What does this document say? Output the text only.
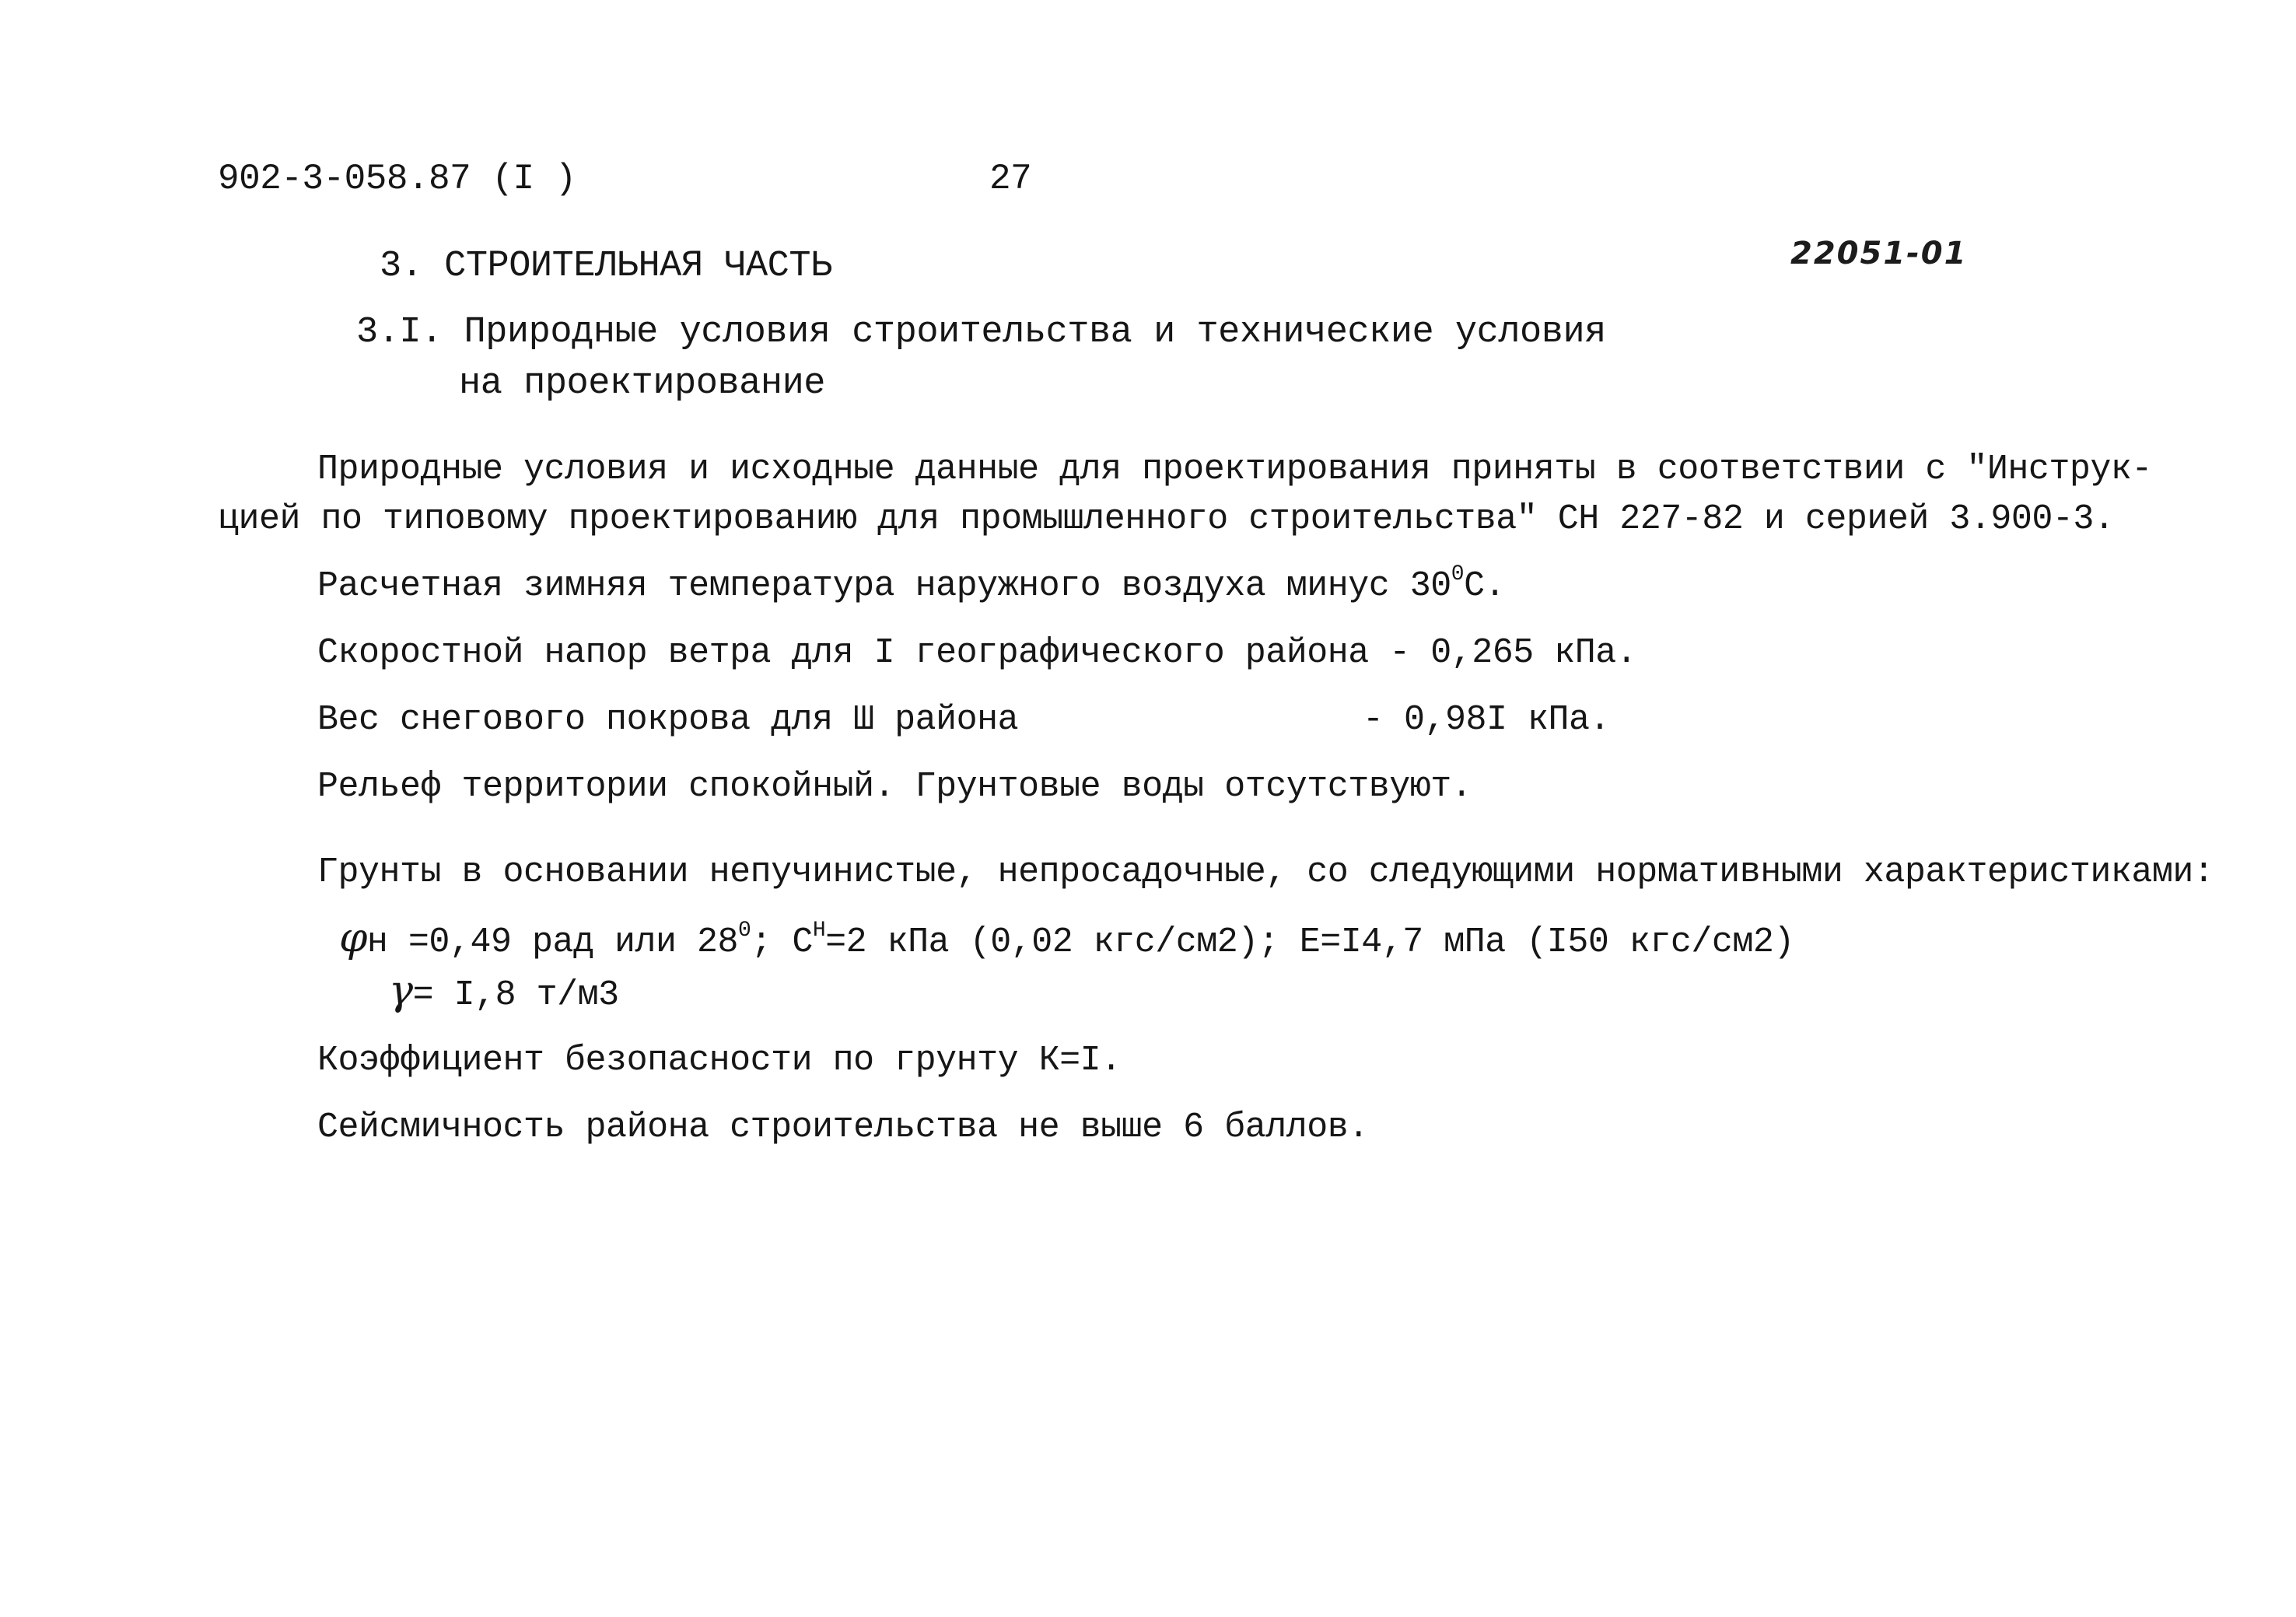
902-3-058.87 (I )	27
22051-01
3. СТРОИТЕЛЬНАЯ ЧАСТЬ
3.I. Природные условия строительства и технические условия
на проектирование
Природные условия и исходные данные для проектирования приняты в соответствии с "Инструк-
цией по типовому проектированию для промышленного строительства" СН 227-82 и серией 3.900-3.
Расчетная зимняя температура наружного воздуха минус $30^0С$.
Скоростной напор ветра для I географического района - 0,265 кПа.
Вес снегового покрова для Ш района	- 0,98I кПа.
Рельеф территории спокойный. Грунтовые воды отсутствуют.
Грунты в основании непучинистые, непросадочные, со следующими нормативными характеристиками:
φн =0,49 рад или $28^0$; $С^Н=2$ кПа (0,02 кгс/см2); Е=I4,7 мПа (I50 кгс/см2)
γ= I,8 т/м3
Коэффициент безопасности по грунту К=I.
Сейсмичность района строительства не выше 6 баллов.
